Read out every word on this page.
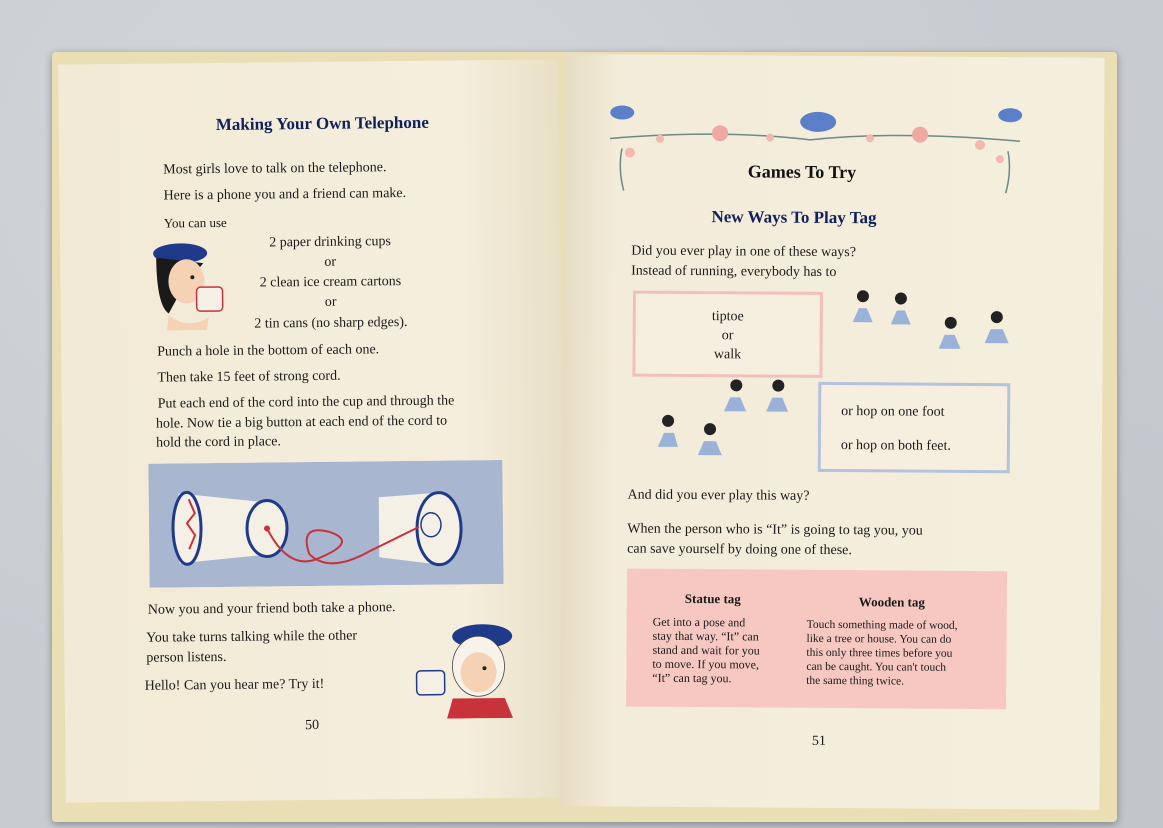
Making Your Own Telephone
Most girls love to talk on the telephone.
Here is a phone you and a friend can make.
You can use
2 paper drinking cups
or
2 clean ice cream cartons
or
2 tin cans (no sharp edges).
Punch a hole in the bottom of each one.
Then take 15 feet of strong cord.
Put each end of the cord into the cup and through the
hole. Now tie a big button at each end of the cord to
hold the cord in place.
Now you and your friend both take a phone.
You take turns talking while the other
person listens.
Hello! Can you hear me? Try it!
50
Games To Try
New Ways To Play Tag
Did you ever play in one of these ways?
Instead of running, everybody has to
tiptoe
or
walk
or hop on one foot
or hop on both feet.
And did you ever play this way?
When the person who is “It” is going to tag you, you
can save yourself by doing one of these.
Statue tag
Get into a pose and
stay that way. “It” can
stand and wait for you
to move. If you move,
“It” can tag you.
Wooden tag
Touch something made of wood,
like a tree or house. You can do
this only three times before you
can be caught. You can't touch
the same thing twice.
51
